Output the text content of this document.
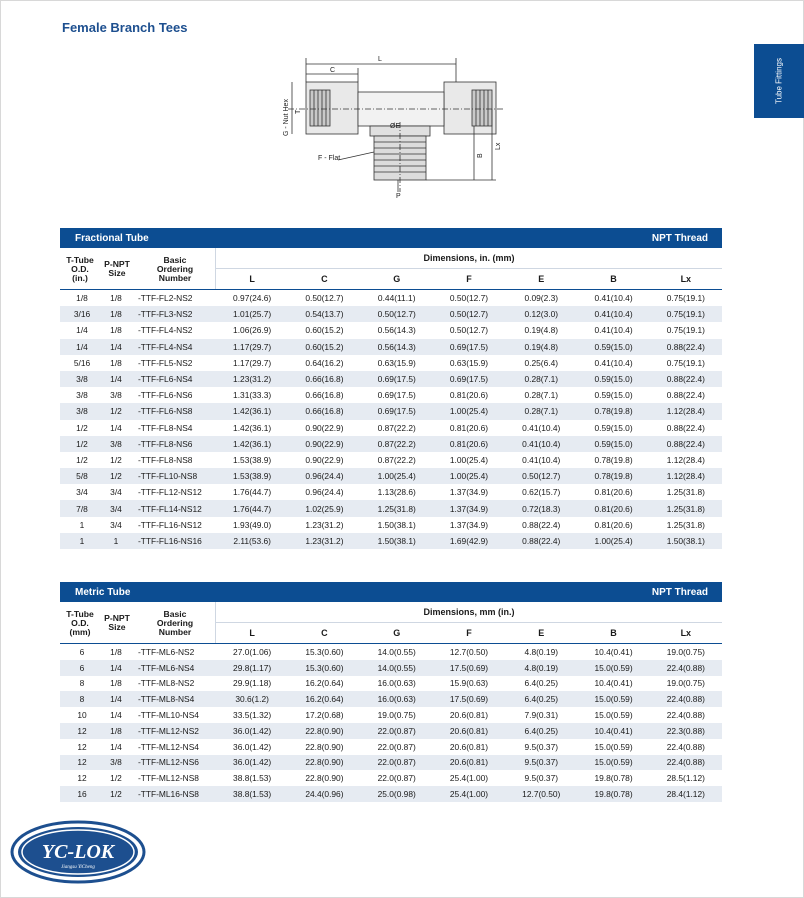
Female Branch Tees
Tube Fittings
L
C
G - Nut Hex T
ØE
F - Flat
P
B
Lx
Fractional Tube	NPT Thread
T-Tube
O.D.
(in.)
P-NPT
Size
Basic
Ordering
Number
Dimensions, in. (mm)
L	C	G	F	E	B	Lx
1/8	1/8	-TTF-FL2-NS2	0.97(24.6)	0.50(12.7)	0.44(11.1)	0.50(12.7)	0.09(2.3)	0.41(10.4)	0.75(19.1)
3/16	1/8	-TTF-FL3-NS2	1.01(25.7)	0.54(13.7)	0.50(12.7)	0.50(12.7)	0.12(3.0)	0.41(10.4)	0.75(19.1)
1/4	1/8	-TTF-FL4-NS2	1.06(26.9)	0.60(15.2)	0.56(14.3)	0.50(12.7)	0.19(4.8)	0.41(10.4)	0.75(19.1)
1/4	1/4	-TTF-FL4-NS4	1.17(29.7)	0.60(15.2)	0.56(14.3)	0.69(17.5)	0.19(4.8)	0.59(15.0)	0.88(22.4)
5/16	1/8	-TTF-FL5-NS2	1.17(29.7)	0.64(16.2)	0.63(15.9)	0.63(15.9)	0.25(6.4)	0.41(10.4)	0.75(19.1)
3/8	1/4	-TTF-FL6-NS4	1.23(31.2)	0.66(16.8)	0.69(17.5)	0.69(17.5)	0.28(7.1)	0.59(15.0)	0.88(22.4)
3/8	3/8	-TTF-FL6-NS6	1.31(33.3)	0.66(16.8)	0.69(17.5)	0.81(20.6)	0.28(7.1)	0.59(15.0)	0.88(22.4)
3/8	1/2	-TTF-FL6-NS8	1.42(36.1)	0.66(16.8)	0.69(17.5)	1.00(25.4)	0.28(7.1)	0.78(19.8)	1.12(28.4)
1/2	1/4	-TTF-FL8-NS4	1.42(36.1)	0.90(22.9)	0.87(22.2)	0.81(20.6)	0.41(10.4)	0.59(15.0)	0.88(22.4)
1/2	3/8	-TTF-FL8-NS6	1.42(36.1)	0.90(22.9)	0.87(22.2)	0.81(20.6)	0.41(10.4)	0.59(15.0)	0.88(22.4)
1/2	1/2	-TTF-FL8-NS8	1.53(38.9)	0.90(22.9)	0.87(22.2)	1.00(25.4)	0.41(10.4)	0.78(19.8)	1.12(28.4)
5/8	1/2	-TTF-FL10-NS8	1.53(38.9)	0.96(24.4)	1.00(25.4)	1.00(25.4)	0.50(12.7)	0.78(19.8)	1.12(28.4)
3/4	3/4	-TTF-FL12-NS12	1.76(44.7)	0.96(24.4)	1.13(28.6)	1.37(34.9)	0.62(15.7)	0.81(20.6)	1.25(31.8)
7/8	3/4	-TTF-FL14-NS12	1.76(44.7)	1.02(25.9)	1.25(31.8)	1.37(34.9)	0.72(18.3)	0.81(20.6)	1.25(31.8)
1	3/4	-TTF-FL16-NS12	1.93(49.0)	1.23(31.2)	1.50(38.1)	1.37(34.9)	0.88(22.4)	0.81(20.6)	1.25(31.8)
1	1	-TTF-FL16-NS16	2.11(53.6)	1.23(31.2)	1.50(38.1)	1.69(42.9)	0.88(22.4)	1.00(25.4)	1.50(38.1)
Metric Tube	NPT Thread
T-Tube
O.D.
(mm)
P-NPT
Size
Basic
Ordering
Number
Dimensions, mm (in.)
L	C	G	F	E	B	Lx
6	1/8	-TTF-ML6-NS2	27.0(1.06)	15.3(0.60)	14.0(0.55)	12.7(0.50)	4.8(0.19)	10.4(0.41)	19.0(0.75)
6	1/4	-TTF-ML6-NS4	29.8(1.17)	15.3(0.60)	14.0(0.55)	17.5(0.69)	4.8(0.19)	15.0(0.59)	22.4(0.88)
8	1/8	-TTF-ML8-NS2	29.9(1.18)	16.2(0.64)	16.0(0.63)	15.9(0.63)	6.4(0.25)	10.4(0.41)	19.0(0.75)
8	1/4	-TTF-ML8-NS4	30.6(1.2)	16.2(0.64)	16.0(0.63)	17.5(0.69)	6.4(0.25)	15.0(0.59)	22.4(0.88)
10	1/4	-TTF-ML10-NS4	33.5(1.32)	17.2(0.68)	19.0(0.75)	20.6(0.81)	7.9(0.31)	15.0(0.59)	22.4(0.88)
12	1/8	-TTF-ML12-NS2	36.0(1.42)	22.8(0.90)	22.0(0.87)	20.6(0.81)	6.4(0.25)	10.4(0.41)	22.3(0.88)
12	1/4	-TTF-ML12-NS4	36.0(1.42)	22.8(0.90)	22.0(0.87)	20.6(0.81)	9.5(0.37)	15.0(0.59)	22.4(0.88)
12	3/8	-TTF-ML12-NS6	36.0(1.42)	22.8(0.90)	22.0(0.87)	20.6(0.81)	9.5(0.37)	15.0(0.59)	22.4(0.88)
12	1/2	-TTF-ML12-NS8	38.8(1.53)	22.8(0.90)	22.0(0.87)	25.4(1.00)	9.5(0.37)	19.8(0.78)	28.5(1.12)
16	1/2	-TTF-ML16-NS8	38.8(1.53)	24.4(0.96)	25.0(0.98)	25.4(1.00)	12.7(0.50)	19.8(0.78)	28.4(1.12)
YC-LOK
Jiangsu YiCheng
